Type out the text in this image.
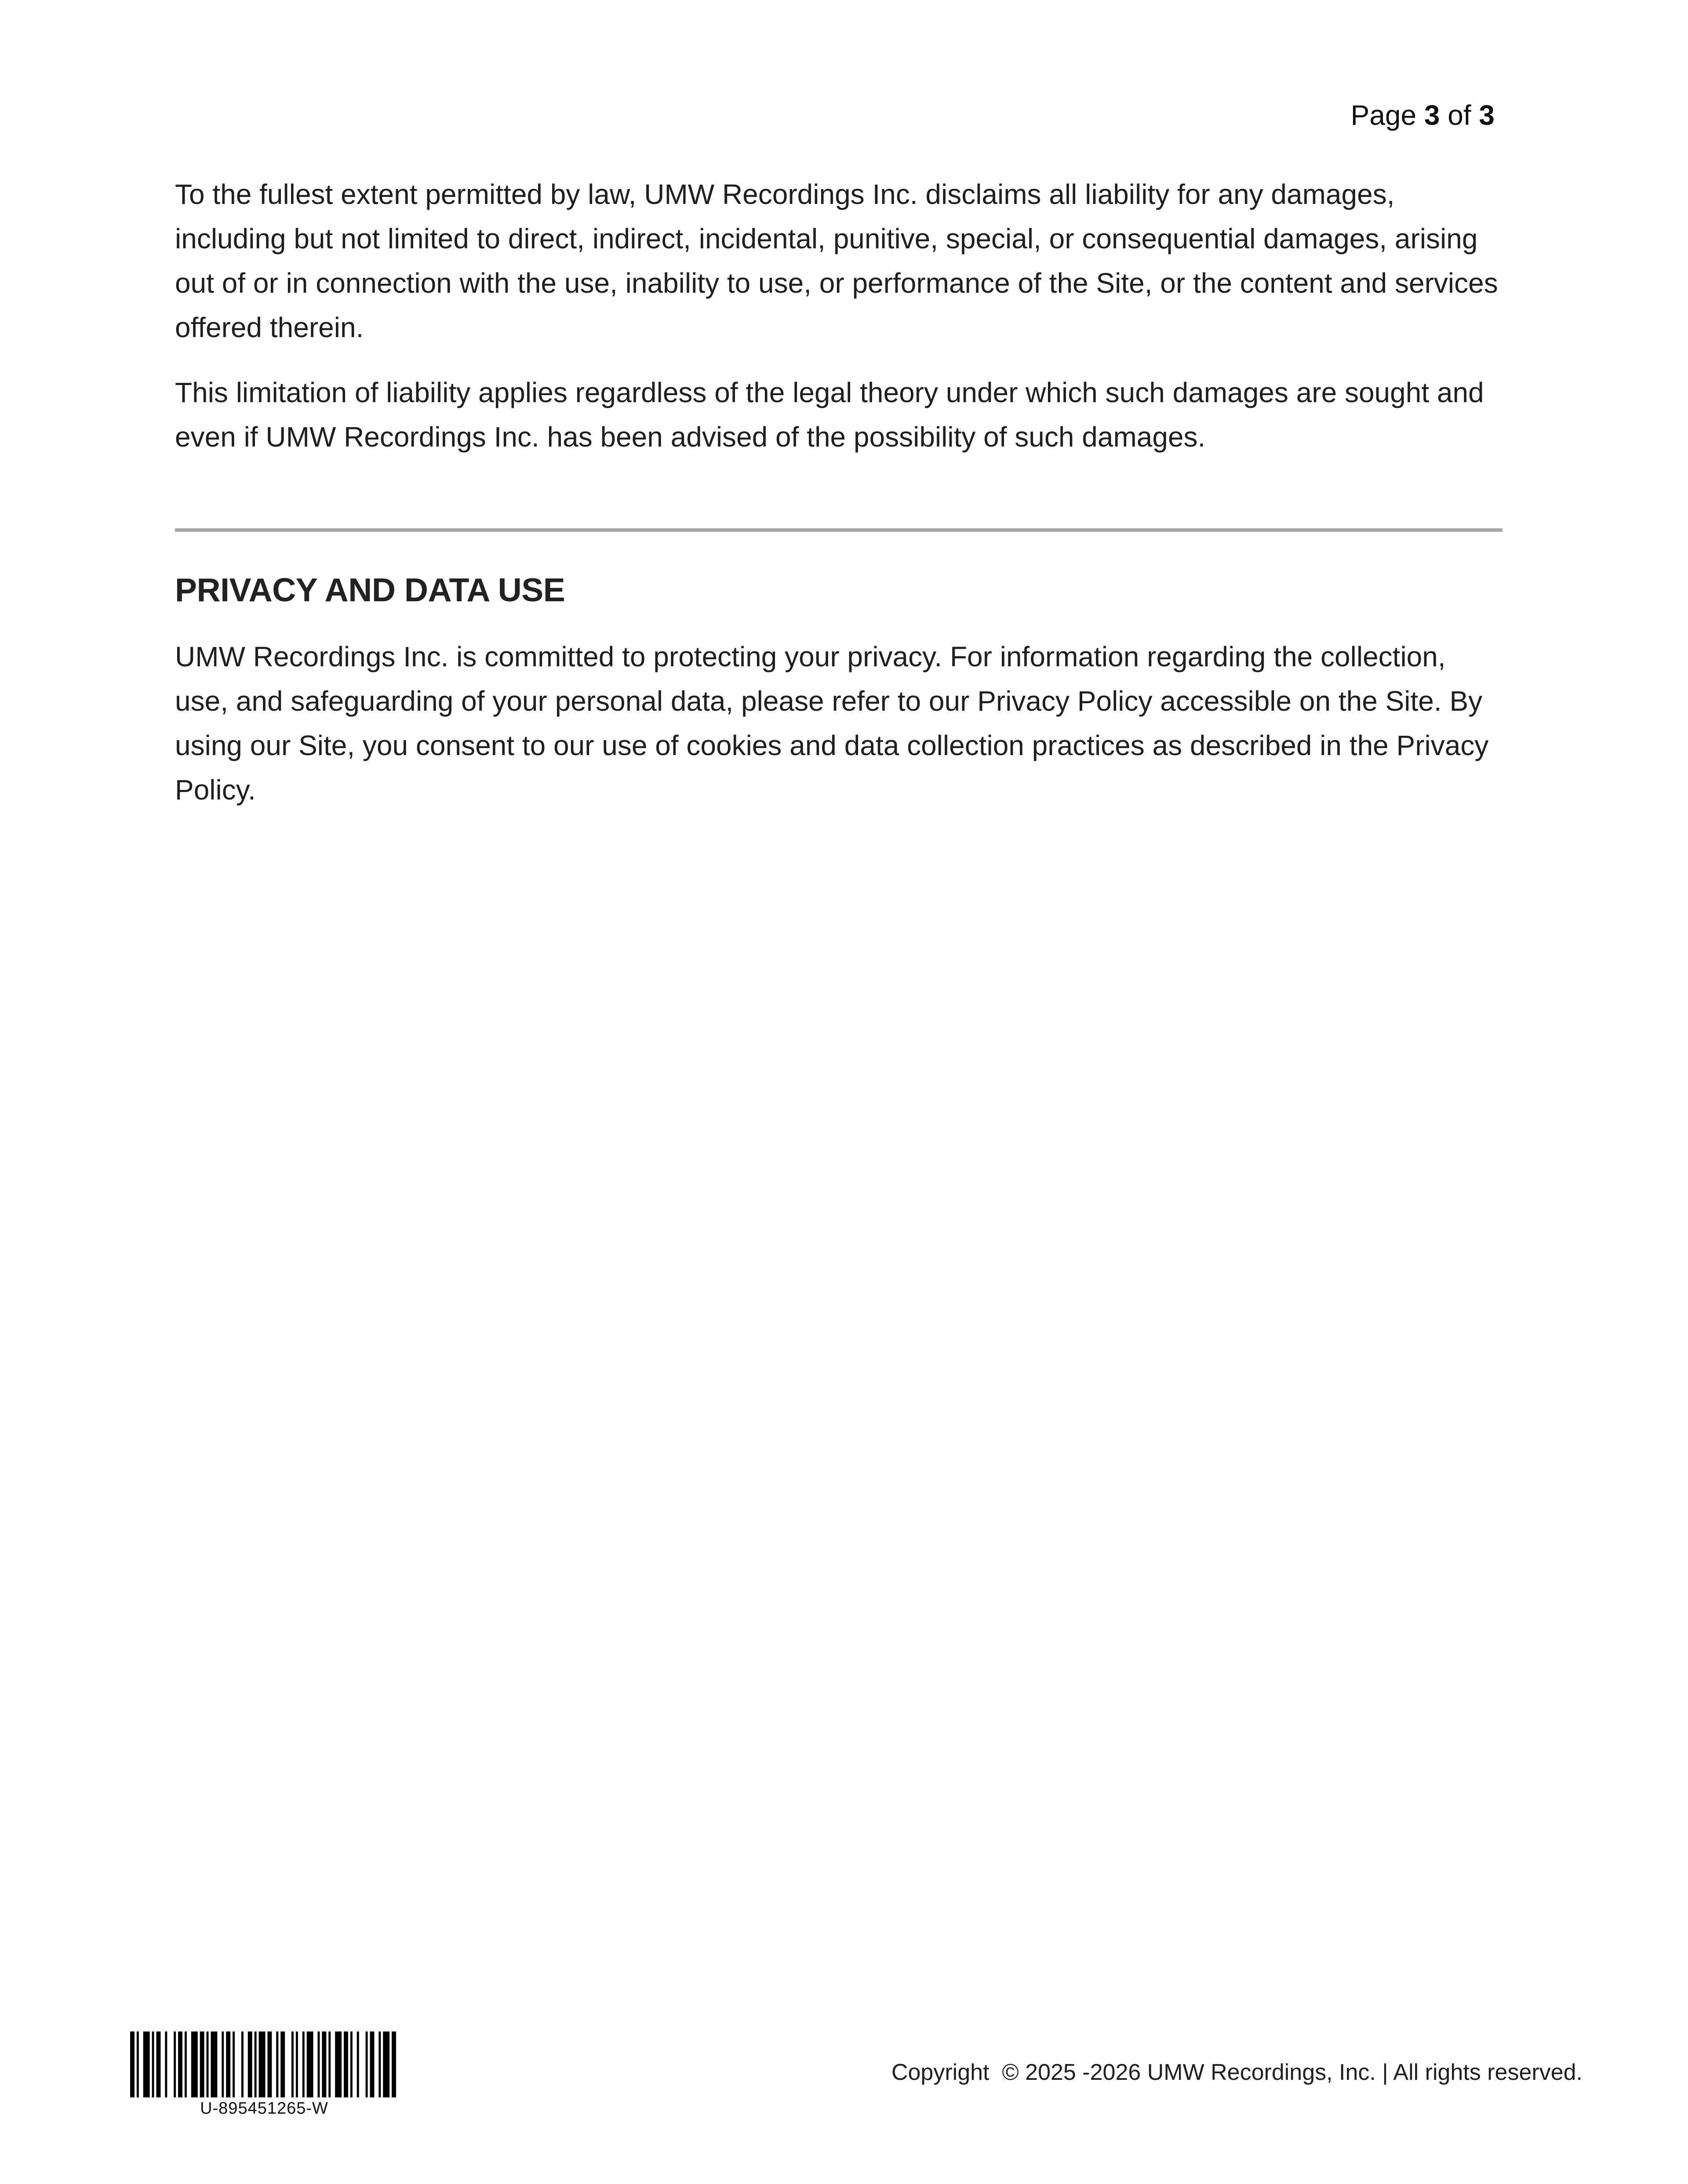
Page 3 of 3

To the fullest extent permitted by law, UMW Recordings Inc. disclaims all liability for any damages, including but not limited to direct, indirect, incidental, punitive, special, or consequential damages, arising out of or in connection with the use, inability to use, or performance of the Site, or the content and services offered therein.

This limitation of liability applies regardless of the legal theory under which such damages are sought and even if UMW Recordings Inc. has been advised of the possibility of such damages.

PRIVACY AND DATA USE

UMW Recordings Inc. is committed to protecting your privacy. For information regarding the collection, use, and safeguarding of your personal data, please refer to our Privacy Policy accessible on the Site. By using our Site, you consent to our use of cookies and data collection practices as described in the Privacy Policy.

U-895451265-W
Copyright  © 2025 -2026 UMW Recordings, Inc. | All rights reserved.
